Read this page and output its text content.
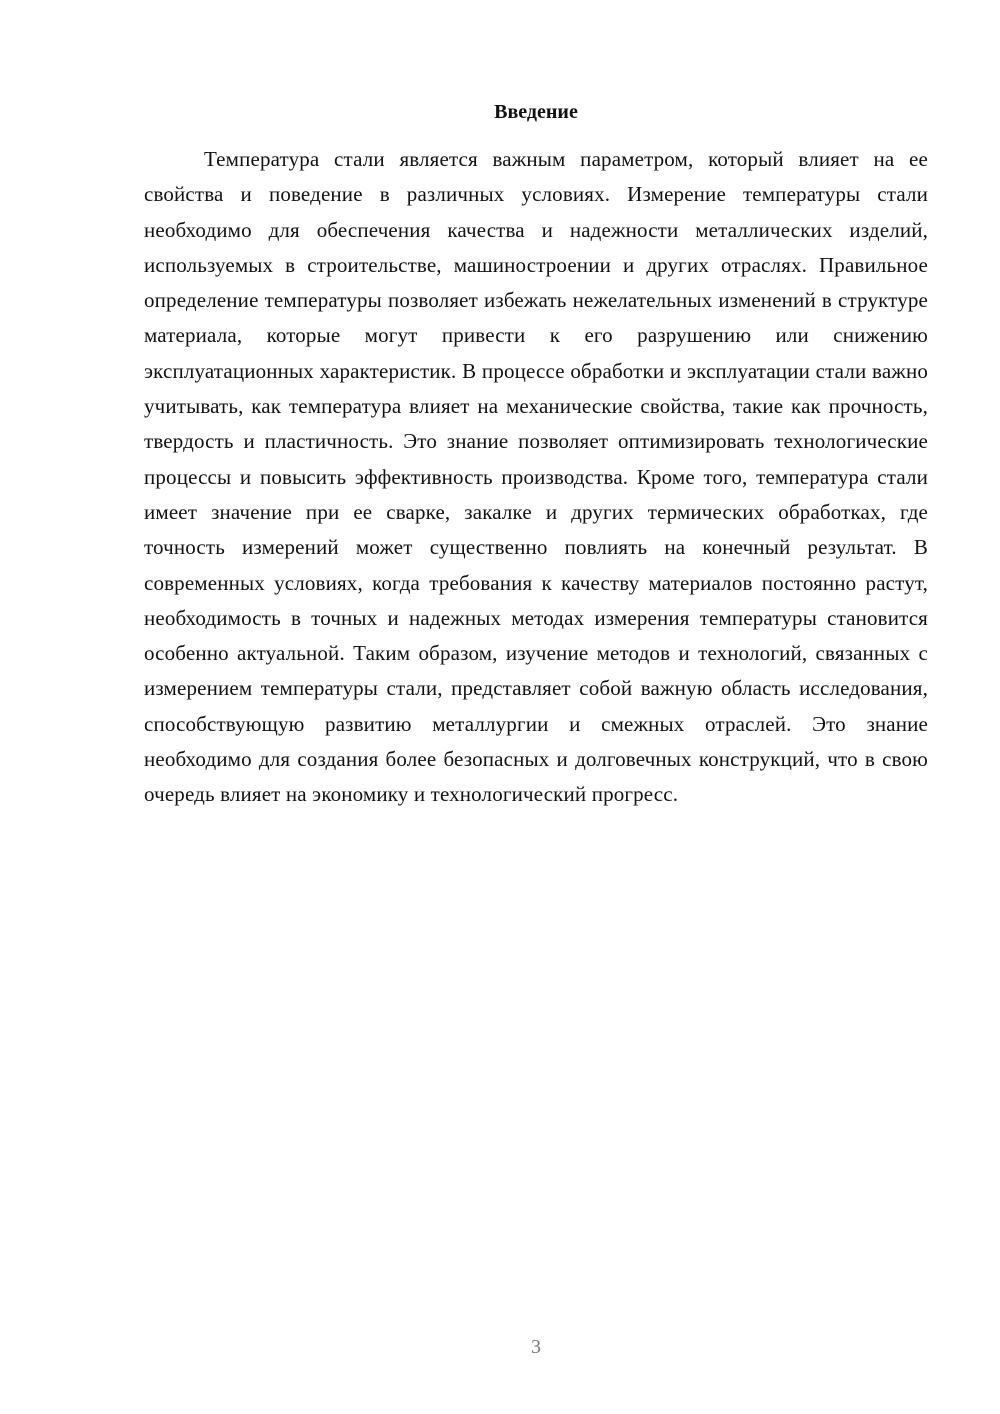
Введение

Температура стали является важным параметром, который влияет на ее свойства и поведение в различных условиях. Измерение температуры стали необходимо для обеспечения качества и надежности металлических изделий, используемых в строительстве, машиностроении и других отраслях. Правильное определение температуры позволяет избежать нежелательных изменений в структуре материала, которые могут привести к его разрушению или снижению эксплуатационных характеристик. В процессе обработки и эксплуатации стали важно учитывать, как температура влияет на механические свойства, такие как прочность, твердость и пластичность. Это знание позволяет оптимизировать технологические процессы и повысить эффективность производства. Кроме того, температура стали имеет значение при ее сварке, закалке и других термических обработках, где точность измерений может существенно повлиять на конечный результат. В современных условиях, когда требования к качеству материалов постоянно растут, необходимость в точных и надежных методах измерения температуры становится особенно актуальной. Таким образом, изучение методов и технологий, связанных с измерением температуры стали, представляет собой важную область исследования, способствующую развитию металлургии и смежных отраслей. Это знание необходимо для создания более безопасных и долговечных конструкций, что в свою очередь влияет на экономику и технологический прогресс.

3
